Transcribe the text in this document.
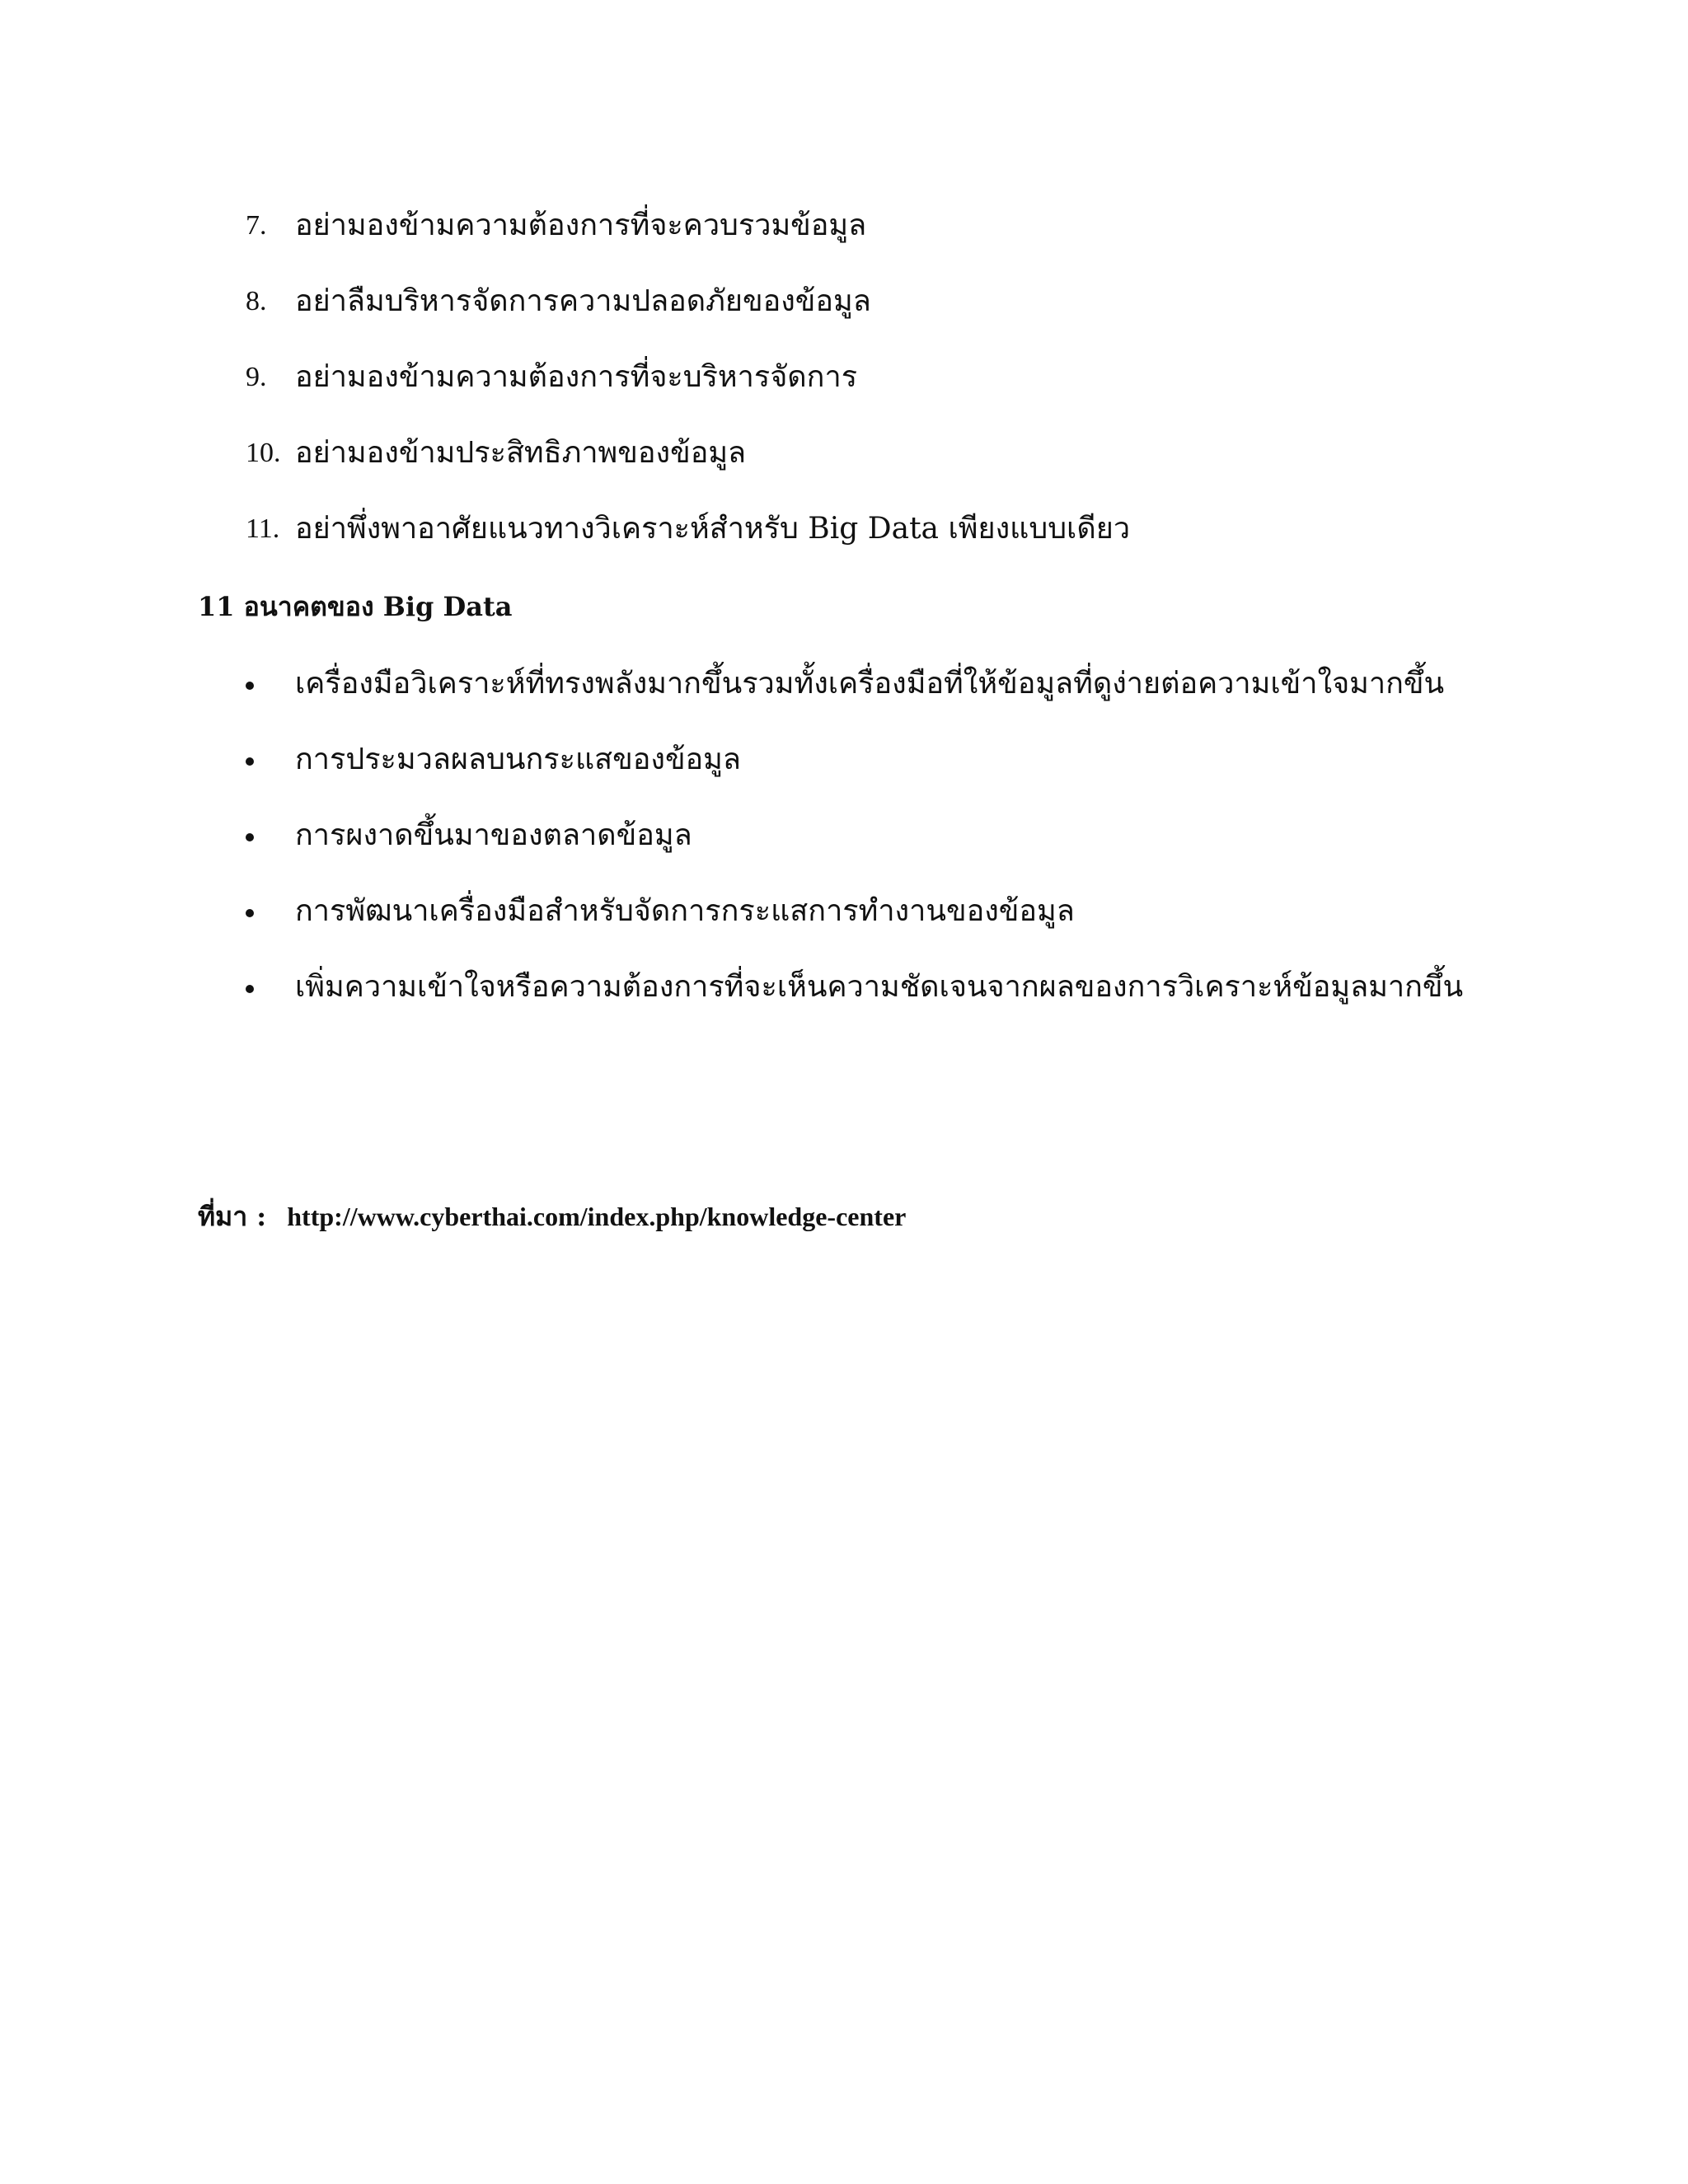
7. อย่ามองข้ามความต้องการที่จะควบรวมข้อมูล
8. อย่าลืมบริหารจัดการความปลอดภัยของข้อมูล
9. อย่ามองข้ามความต้องการที่จะบริหารจัดการ
10. อย่ามองข้ามประสิทธิภาพของข้อมูล
11. อย่าพึ่งพาอาศัยแนวทางวิเคราะห์สำหรับ Big Data เพียงแบบเดียว
11 อนาคตของ Big Data
เครื่องมือวิเคราะห์ที่ทรงพลังมากขึ้นรวมทั้งเครื่องมือที่ให้ข้อมูลที่ดูง่ายต่อความเข้าใจมากขึ้น
การประมวลผลบนกระแสของข้อมูล
การผงาดขึ้นมาของตลาดข้อมูล
การพัฒนาเครื่องมือสำหรับจัดการกระแสการทำงานของข้อมูล
เพิ่มความเข้าใจหรือความต้องการที่จะเห็นความชัดเจนจากผลของการวิเคราะห์ข้อมูลมากขึ้น
ที่มา : http://www.cyberthai.com/index.php/knowledge-center
